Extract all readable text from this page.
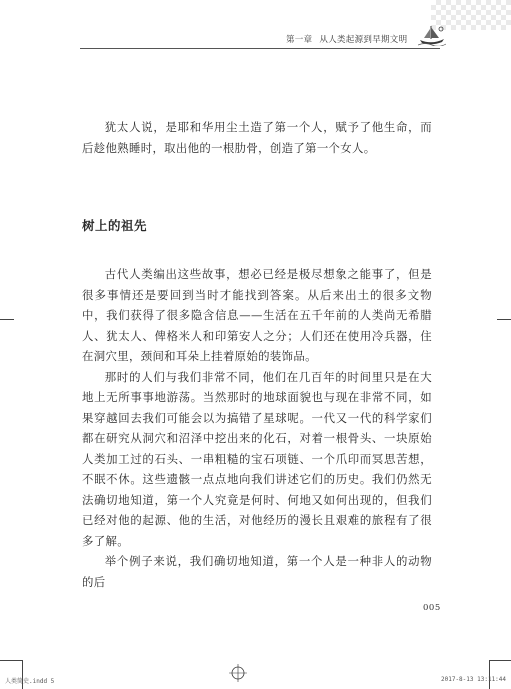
第一章 从人类起源到早期文明

犹太人说，是耶和华用尘土造了第一个人，赋予了他生命，而后趁他熟睡时，取出他的一根肋骨，创造了第一个女人。

树上的祖先

古代人类编出这些故事，想必已经是极尽想象之能事了，但是很多事情还是要回到当时才能找到答案。从后来出土的很多文物中，我们获得了很多隐含信息——生活在五千年前的人类尚无希腊人、犹太人、俾格米人和印第安人之分；人们还在使用冷兵器，住在洞穴里，颈间和耳朵上挂着原始的装饰品。

那时的人们与我们非常不同，他们在几百年的时间里只是在大地上无所事事地游荡。当然那时的地球面貌也与现在非常不同，如果穿越回去我们可能会以为搞错了星球呢。一代又一代的科学家们都在研究从洞穴和沼泽中挖出来的化石，对着一根骨头、一块原始人类加工过的石头、一串粗糙的宝石项链、一个爪印而冥思苦想，不眠不休。这些遗骸一点点地向我们讲述它们的历史。我们仍然无法确切地知道，第一个人究竟是何时、何地又如何出现的，但我们已经对他的起源、他的生活，对他经历的漫长且艰难的旅程有了很多了解。

举个例子来说，我们确切地知道，第一个人是一种非人的动物的后

005
人类简史.indd 5	2017-8-13 13:11:44
